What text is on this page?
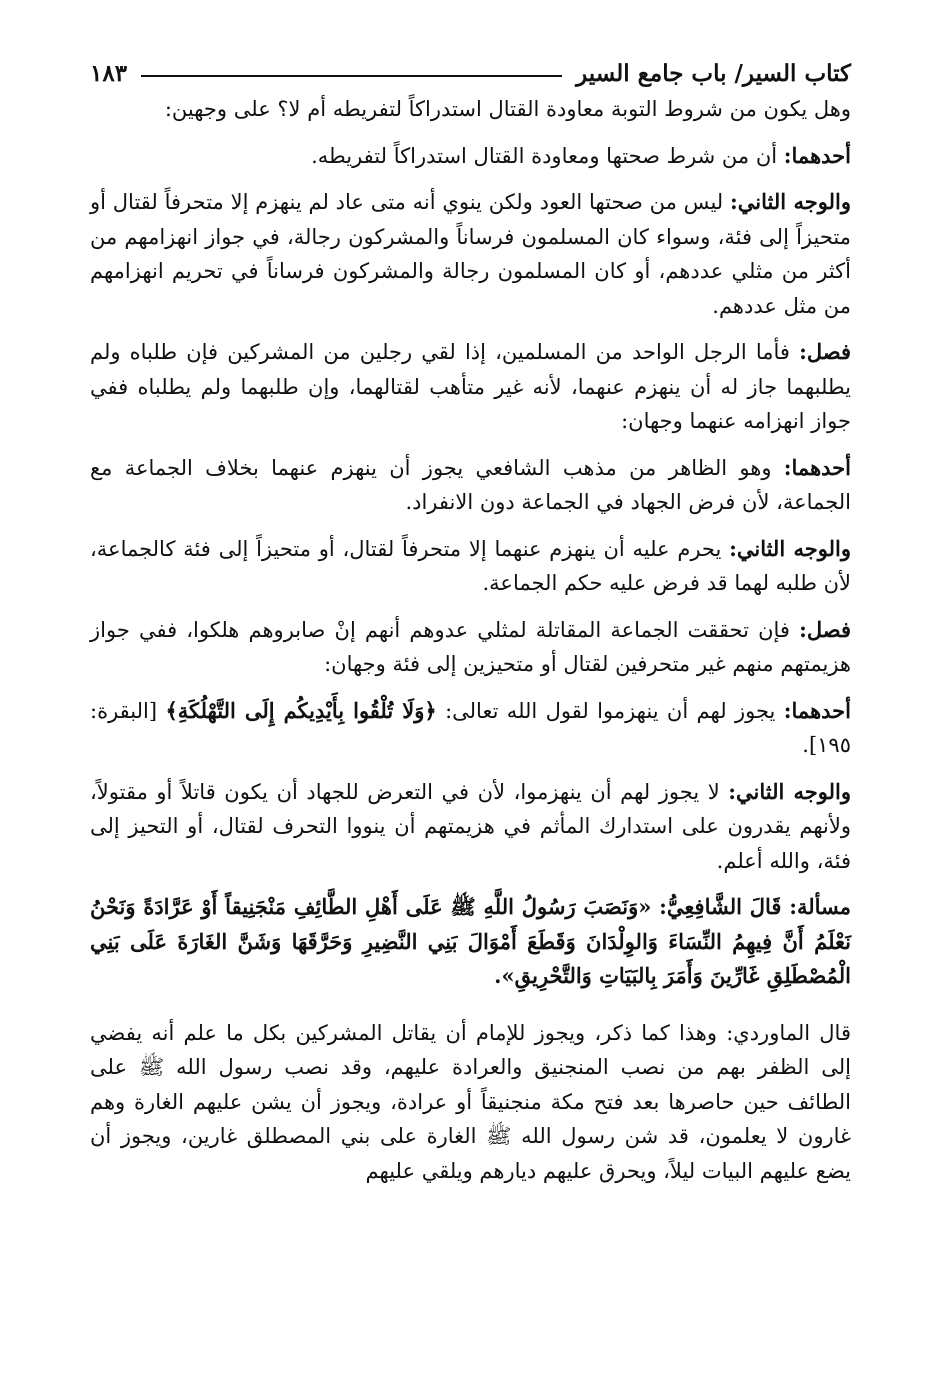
كتاب السير/ باب جامع السير
١٨٣

وهل يكون من شروط التوبة معاودة القتال استدراكاً لتفريطه أم لا؟ على وجهين:

أحدهما: أن من شرط صحتها ومعاودة القتال استدراكاً لتفريطه.

والوجه الثاني: ليس من صحتها العود ولكن ينوي أنه متى عاد لم ينهزم إلا متحرفاً لقتال أو متحيزاً إلى فئة، وسواء كان المسلمون فرساناً والمشركون رجالة، في جواز انهزامهم من أكثر من مثلي عددهم، أو كان المسلمون رجالة والمشركون فرساناً في تحريم انهزامهم من مثل عددهم.

فصل: فأما الرجل الواحد من المسلمين، إذا لقي رجلين من المشركين فإن طلباه ولم يطلبهما جاز له أن ينهزم عنهما، لأنه غير متأهب لقتالهما، وإن طلبهما ولم يطلباه ففي جواز انهزامه عنهما وجهان:

أحدهما: وهو الظاهر من مذهب الشافعي يجوز أن ينهزم عنهما بخلاف الجماعة مع الجماعة، لأن فرض الجهاد في الجماعة دون الانفراد.

والوجه الثاني: يحرم عليه أن ينهزم عنهما إلا متحرفاً لقتال، أو متحيزاً إلى فئة كالجماعة، لأن طلبه لهما قد فرض عليه حكم الجماعة.

فصل: فإن تحققت الجماعة المقاتلة لمثلي عدوهم أنهم إنْ صابروهم هلكوا، ففي جواز هزيمتهم منهم غير متحرفين لقتال أو متحيزين إلى فئة وجهان:

أحدهما: يجوز لهم أن ينهزموا لقول الله تعالى: ﴿وَلَا تُلْقُوا بِأَيْدِيكُم إِلَى التَّهْلُكَةِ﴾ [البقرة: ١٩٥].

والوجه الثاني: لا يجوز لهم أن ينهزموا، لأن في التعرض للجهاد أن يكون قاتلاً أو مقتولاً، ولأنهم يقدرون على استدارك المأثم في هزيمتهم أن ينووا التحرف لقتال، أو التحيز إلى فئة، والله أعلم.

مسألة: قَالَ الشَّافِعِيُّ: «وَنَصَبَ رَسُولُ اللَّهِ ﷺ عَلَى أَهْلِ الطَّائِفِ مَنْجَنِيقاً أَوْ عَرَّادَةً وَنَحْنُ نَعْلَمُ أَنَّ فِيهِمُ النِّسَاءَ وَالوِلْدَانَ وَقَطَعَ أَمْوَالَ بَنِي النَّضِيرِ وَحَرَّقَهَا وَشَنَّ الغَارَةَ عَلَى بَنِي الْمُصْطَلِقِ غَارِّينَ وَأَمَرَ بِالبَيَاتِ وَالتَّحْرِيقِ».

قال الماوردي: وهذا كما ذكر، ويجوز للإمام أن يقاتل المشركين بكل ما علم أنه يفضي إلى الظفر بهم من نصب المنجنيق والعرادة عليهم، وقد نصب رسول الله ﷺ على الطائف حين حاصرها بعد فتح مكة منجنيقاً أو عرادة، ويجوز أن يشن عليهم الغارة وهم غارون لا يعلمون، قد شن رسول الله ﷺ الغارة على بني المصطلق غارين، ويجوز أن يضع عليهم البيات ليلاً، ويحرق عليهم ديارهم ويلقي عليهم
